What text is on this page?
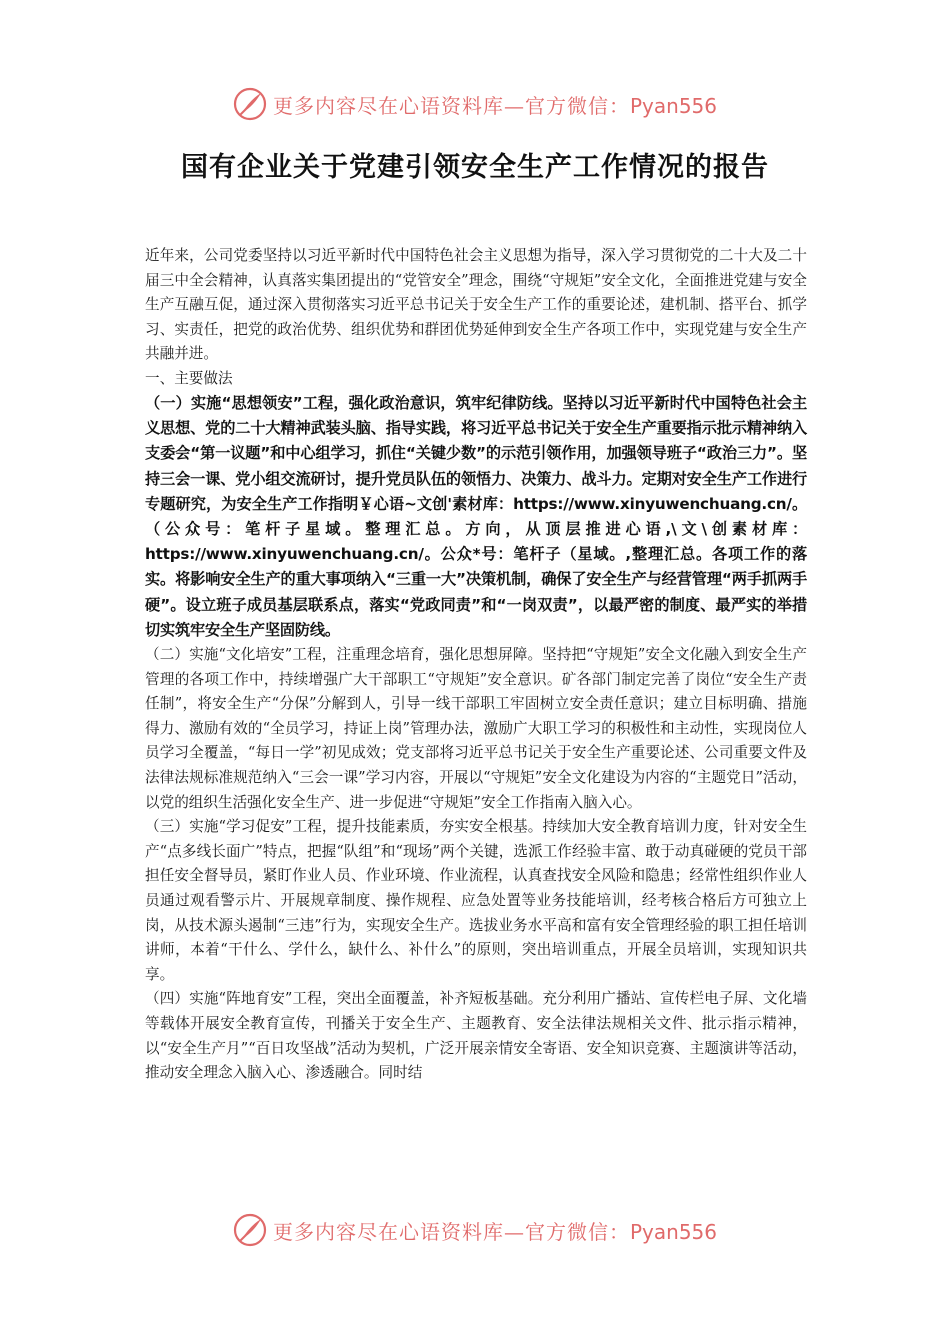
更多内容尽在心语资料库—官方微信：Pyan556
国有企业关于党建引领安全生产工作情况的报告

近年来，公司党委坚持以习近平新时代中国特色社会主义思想为指导，深入学习贯彻党的二十大及二十届三中全会精神，认真落实集团提出的“党管安全”理念，围绕“守规矩”安全文化，全面推进党建与安全生产互融互促，通过深入贯彻落实习近平总书记关于安全生产工作的重要论述，建机制、搭平台、抓学习、实责任，把党的政治优势、组织优势和群团优势延伸到安全生产各项工作中，实现党建与安全生产共融并进。

一、主要做法

（一）实施“思想领安”工程，强化政治意识，筑牢纪律防线。坚持以习近平新时代中国特色社会主义思想、党的二十大精神武装头脑、指导实践，将习近平总书记关于安全生产重要指示批示精神纳入支委会“第一议题”和中心组学习，抓住“关键少数”的示范引领作用，加强领导班子“政治三力”。坚持三会一课、党小组交流研讨，提升党员队伍的领悟力、决策力、战斗力。定期对安全生产工作进行专题研究，为安全生产工作指明￥心语~文创'素材库：https://www.xinyuwenchuang.cn/。（公众号：笔杆子星域。整理汇总。方向，从顶层推进心语,\文\创素材库：https://www.xinyuwenchuang.cn/。公众*号：笔杆子（星域。,整理汇总。各项工作的落实。将影响安全生产的重大事项纳入“三重一大”决策机制，确保了安全生产与经营管理“两手抓两手硬”。设立班子成员基层联系点，落实“党政同责”和“一岗双责”，以最严密的制度、最严实的举措切实筑牢安全生产坚固防线。

（二）实施“文化培安”工程，注重理念培育，强化思想屏障。坚持把“守规矩”安全文化融入到安全生产管理的各项工作中，持续增强广大干部职工“守规矩”安全意识。矿各部门制定完善了岗位“安全生产责任制”，将安全生产“分保”分解到人，引导一线干部职工牢固树立安全责任意识；建立目标明确、措施得力、激励有效的“全员学习，持证上岗”管理办法，激励广大职工学习的积极性和主动性，实现岗位人员学习全覆盖，“每日一学”初见成效；党支部将习近平总书记关于安全生产重要论述、公司重要文件及法律法规标准规范纳入“三会一课”学习内容，开展以“守规矩”安全文化建设为内容的“主题党日”活动，以党的组织生活强化安全生产、进一步促进“守规矩”安全工作指南入脑入心。

（三）实施“学习促安”工程，提升技能素质，夯实安全根基。持续加大安全教育培训力度，针对安全生产“点多线长面广”特点，把握“队组”和“现场”两个关键，选派工作经验丰富、敢于动真碰硬的党员干部担任安全督导员，紧盯作业人员、作业环境、作业流程，认真查找安全风险和隐患；经常性组织作业人员通过观看警示片、开展规章制度、操作规程、应急处置等业务技能培训，经考核合格后方可独立上岗，从技术源头遏制“三违”行为，实现安全生产。选拔业务水平高和富有安全管理经验的职工担任培训讲师，本着“干什么、学什么，缺什么、补什么”的原则，突出培训重点，开展全员培训，实现知识共享。

（四）实施“阵地育安”工程，突出全面覆盖，补齐短板基础。充分利用广播站、宣传栏电子屏、文化墙等载体开展安全教育宣传，刊播关于安全生产、主题教育、安全法律法规相关文件、批示指示精神，以“安全生产月”“百日攻坚战”活动为契机，广泛开展亲情安全寄语、安全知识竞赛、主题演讲等活动，推动安全理念入脑入心、渗透融合。同时结

更多内容尽在心语资料库—官方微信：Pyan556
